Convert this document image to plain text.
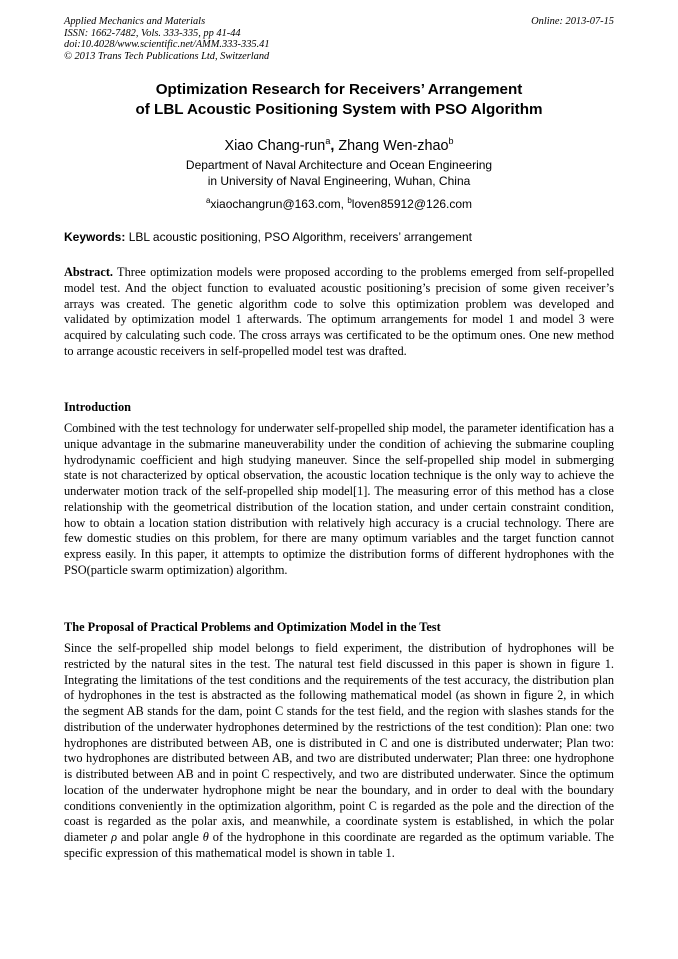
Applied Mechanics and Materials
ISSN: 1662-7482, Vols. 333-335, pp 41-44
doi:10.4028/www.scientific.net/AMM.333-335.41
© 2013 Trans Tech Publications Ltd, Switzerland
Online: 2013-07-15
Optimization Research for Receivers’ Arrangement
of LBL Acoustic Positioning System with PSO Algorithm
Xiao Chang-run$^a$, Zhang Wen-zhao$^b$
Department of Naval Architecture and Ocean Engineering
in University of Naval Engineering, Wuhan, China
$^a$xiaochangrun@163.com, $^b$loven85912@126.com
Keywords: LBL acoustic positioning, PSO Algorithm, receivers’ arrangement
Abstract. Three optimization models were proposed according to the problems emerged from self-propelled model test. And the object function to evaluated acoustic positioning’s precision of some given receiver’s arrays was created. The genetic algorithm code to solve this optimization problem was developed and validated by optimization model 1 afterwards. The optimum arrangements for model 1 and model 3 were acquired by calculating such code. The cross arrays was certificated to be the optimum ones. One new method to arrange acoustic receivers in self-propelled model test was drafted.
Introduction
Combined with the test technology for underwater self-propelled ship model, the parameter identification has a unique advantage in the submarine maneuverability under the condition of achieving the submarine coupling hydrodynamic coefficient and high studying maneuver. Since the self-propelled ship model in submerging state is not characterized by optical observation, the acoustic location technique is the only way to achieve the underwater motion track of the self-propelled ship model[1]. The measuring error of this method has a close relationship with the geometrical distribution of the location station, and under certain constraint condition, how to obtain a location station distribution with relatively high accuracy is a crucial technology. There are few domestic studies on this problem, for there are many optimum variables and the target function cannot express easily. In this paper, it attempts to optimize the distribution forms of different hydrophones with the PSO(particle swarm optimization) algorithm.
The Proposal of Practical Problems and Optimization Model in the Test
Since the self-propelled ship model belongs to field experiment, the distribution of hydrophones will be restricted by the natural sites in the test. The natural test field discussed in this paper is shown in figure 1. Integrating the limitations of the test conditions and the requirements of the test accuracy, the distribution plan of hydrophones in the test is abstracted as the following mathematical model (as shown in figure 2, in which the segment AB stands for the dam, point C stands for the test field, and the region with slashes stands for the distribution of the underwater hydrophones determined by the restrictions of the test condition): Plan one: two hydrophones are distributed between AB, one is distributed in C and one is distributed underwater; Plan two: two hydrophones are distributed between AB, and two are distributed underwater; Plan three: one hydrophone is distributed between AB and in point C respectively, and two are distributed underwater. Since the optimum location of the underwater hydrophone might be near the boundary, and in order to deal with the boundary conditions conveniently in the optimization algorithm, point C is regarded as the pole and the direction of the coast is regarded as the polar axis, and meanwhile, a coordinate system is established, in which the polar diameter ρ and polar angle θ of the hydrophone in this coordinate are regarded as the optimum variable. The specific expression of this mathematical model is shown in table 1.
